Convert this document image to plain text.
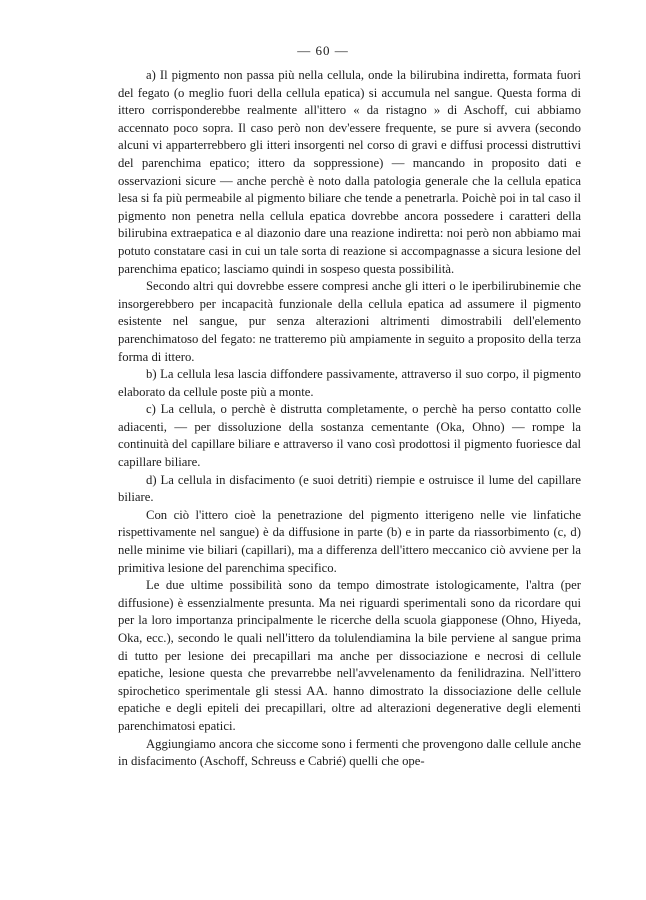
— 60 —

a) Il pigmento non passa più nella cellula, onde la bilirubina indiretta, formata fuori del fegato (o meglio fuori della cellula epatica) si accumula nel sangue. Questa forma di ittero corrisponderebbe realmente all'ittero « da ristagno » di Aschoff, cui abbiamo accennato poco sopra. Il caso però non dev'essere frequente, se pure si avvera (secondo alcuni vi apparterrebbero gli itteri insorgenti nel corso di gravi e diffusi processi distruttivi del parenchima epatico; ittero da soppressione) — mancando in proposito dati e osservazioni sicure — anche perchè è noto dalla patologia generale che la cellula epatica lesa si fa più permeabile al pigmento biliare che tende a penetrarla. Poichè poi in tal caso il pigmento non penetra nella cellula epatica dovrebbe ancora possedere i caratteri della bilirubina extraepatica e al diazonio dare una reazione indiretta: noi però non abbiamo mai potuto constatare casi in cui un tale sorta di reazione si accompagnasse a sicura lesione del parenchima epatico; lasciamo quindi in sospeso questa possibilità.

Secondo altri qui dovrebbe essere compresi anche gli itteri o le iperbilirubinemie che insorgerebbero per incapacità funzionale della cellula epatica ad assumere il pigmento esistente nel sangue, pur senza alterazioni altrimenti dimostrabili dell'elemento parenchimatoso del fegato: ne tratteremo più ampiamente in seguito a proposito della terza forma di ittero.

b) La cellula lesa lascia diffondere passivamente, attraverso il suo corpo, il pigmento elaborato da cellule poste più a monte.

c) La cellula, o perchè è distrutta completamente, o perchè ha perso contatto colle adiacenti, — per dissoluzione della sostanza cementante (Oka, Ohno) — rompe la continuità del capillare biliare e attraverso il vano così prodottosi il pigmento fuoriesce dal capillare biliare.

d) La cellula in disfacimento (e suoi detriti) riempie e ostruisce il lume del capillare biliare.

Con ciò l'ittero cioè la penetrazione del pigmento itterigeno nelle vie linfatiche rispettivamente nel sangue) è da diffusione in parte (b) e in parte da riassorbimento (c, d) nelle minime vie biliari (capillari), ma a differenza dell'ittero meccanico ciò avviene per la primitiva lesione del parenchima specifico.

Le due ultime possibilità sono da tempo dimostrate istologicamente, l'altra (per diffusione) è essenzialmente presunta. Ma nei riguardi sperimentali sono da ricordare qui per la loro importanza principalmente le ricerche della scuola giapponese (Ohno, Hiyeda, Oka, ecc.), secondo le quali nell'ittero da tolulendiamina la bile perviene al sangue prima di tutto per lesione dei precapillari ma anche per dissociazione e necrosi di cellule epatiche, lesione questa che prevarrebbe nell'avvelenamento da fenilidrazina. Nell'ittero spirochetico sperimentale gli stessi AA. hanno dimostrato la dissociazione delle cellule epatiche e degli epiteli dei precapillari, oltre ad alterazioni degenerative degli elementi parenchimatosi epatici.

Aggiungiamo ancora che siccome sono i fermenti che provengono dalle cellule anche in disfacimento (Aschoff, Schreuss e Cabrié) quelli che ope-
